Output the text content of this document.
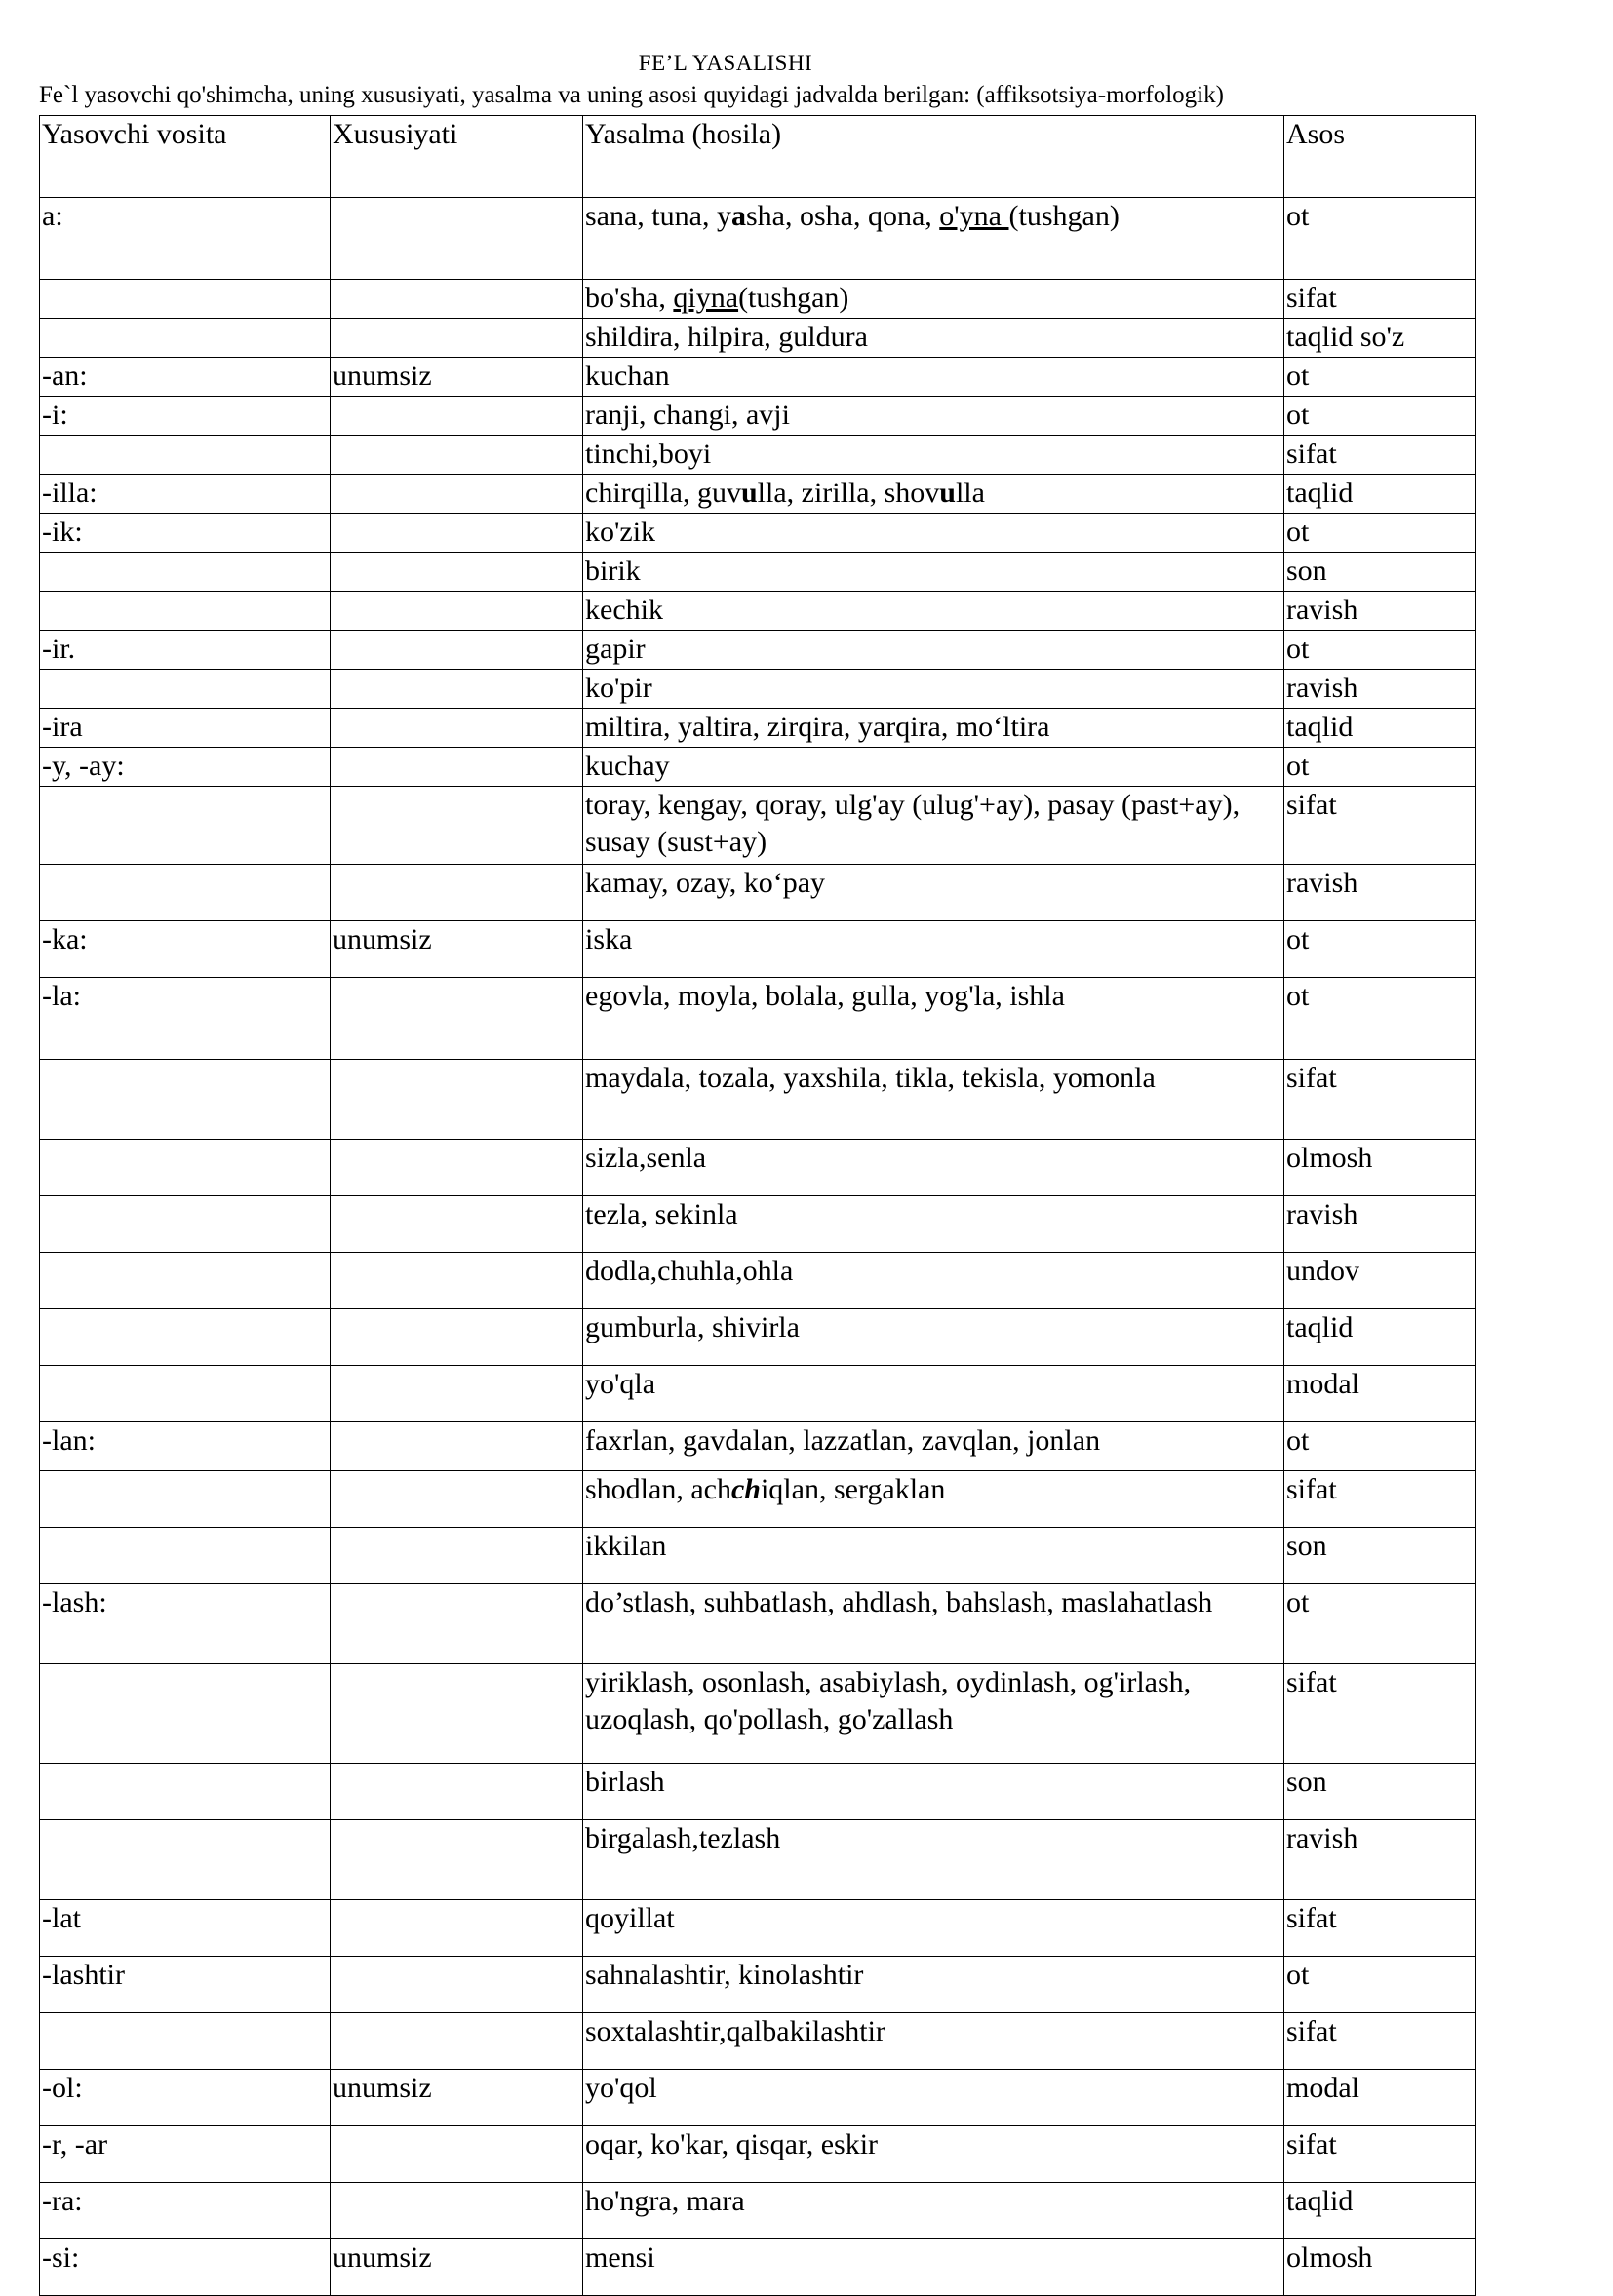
FE’L YASALISHI
Fe`l yasovchi qo'shimcha, uning xususiyati, yasalma va uning asosi quyidagi jadvalda berilgan: (affiksotsiya-morfologik)
Yasovchi vosita	Xususiyati	Yasalma (hosila)	Asos
a:		sana, tuna, yasha, osha, qona, o'yna (tushgan)	ot
		bo'sha, qiyna(tushgan)	sifat
		shildira, hilpira, guldura	taqlid so'z
-an:	unumsiz	kuchan	ot
-i:		ranji, changi, avji	ot
		tinchi,boyi	sifat
-illa:		chirqilla, guvulla, zirilla, shovulla	taqlid
-ik:		ko'zik	ot
		birik	son
		kechik	ravish
-ir.		gapir	ot
		ko'pir	ravish
-ira		miltira, yaltira, zirqira, yarqira, mo‘ltira	taqlid
-y, -ay:		kuchay	ot
		toray, kengay, qoray, ulg'ay (ulug'+ay), pasay (past+ay), susay (sust+ay)	sifat
		kamay, ozay, ko‘pay	ravish
-ka:	unumsiz	iska	ot
-la:		egovla, moyla, bolala, gulla, yog'la, ishla	ot
		maydala, tozala, yaxshila, tikla, tekisla, yomonla	sifat
		sizla,senla	olmosh
		tezla, sekinla	ravish
		dodla,chuhla,ohla	undov
		gumburla, shivirla	taqlid
		yo'qla	modal
-lan:		faxrlan, gavdalan, lazzatlan, zavqlan, jonlan	ot
		shodlan, achchiqlan, sergaklan	sifat
		ikkilan	son
-lash:		do’stlash, suhbatlash, ahdlash, bahslash, maslahatlash	ot
		yiriklash, osonlash, asabiylash, oydinlash, og'irlash, uzoqlash, qo'pollash, go'zallash	sifat
		birlash	son
		birgalash,tezlash	ravish
-lat		qoyillat	sifat
-lashtir		sahnalashtir, kinolashtir	ot
		soxtalashtir,qalbakilashtir	sifat
-ol:	unumsiz	yo'qol	modal
-r, -ar		oqar, ko'kar, qisqar, eskir	sifat
-ra:		ho'ngra, mara	taqlid
-si:	unumsiz	mensi	olmosh
